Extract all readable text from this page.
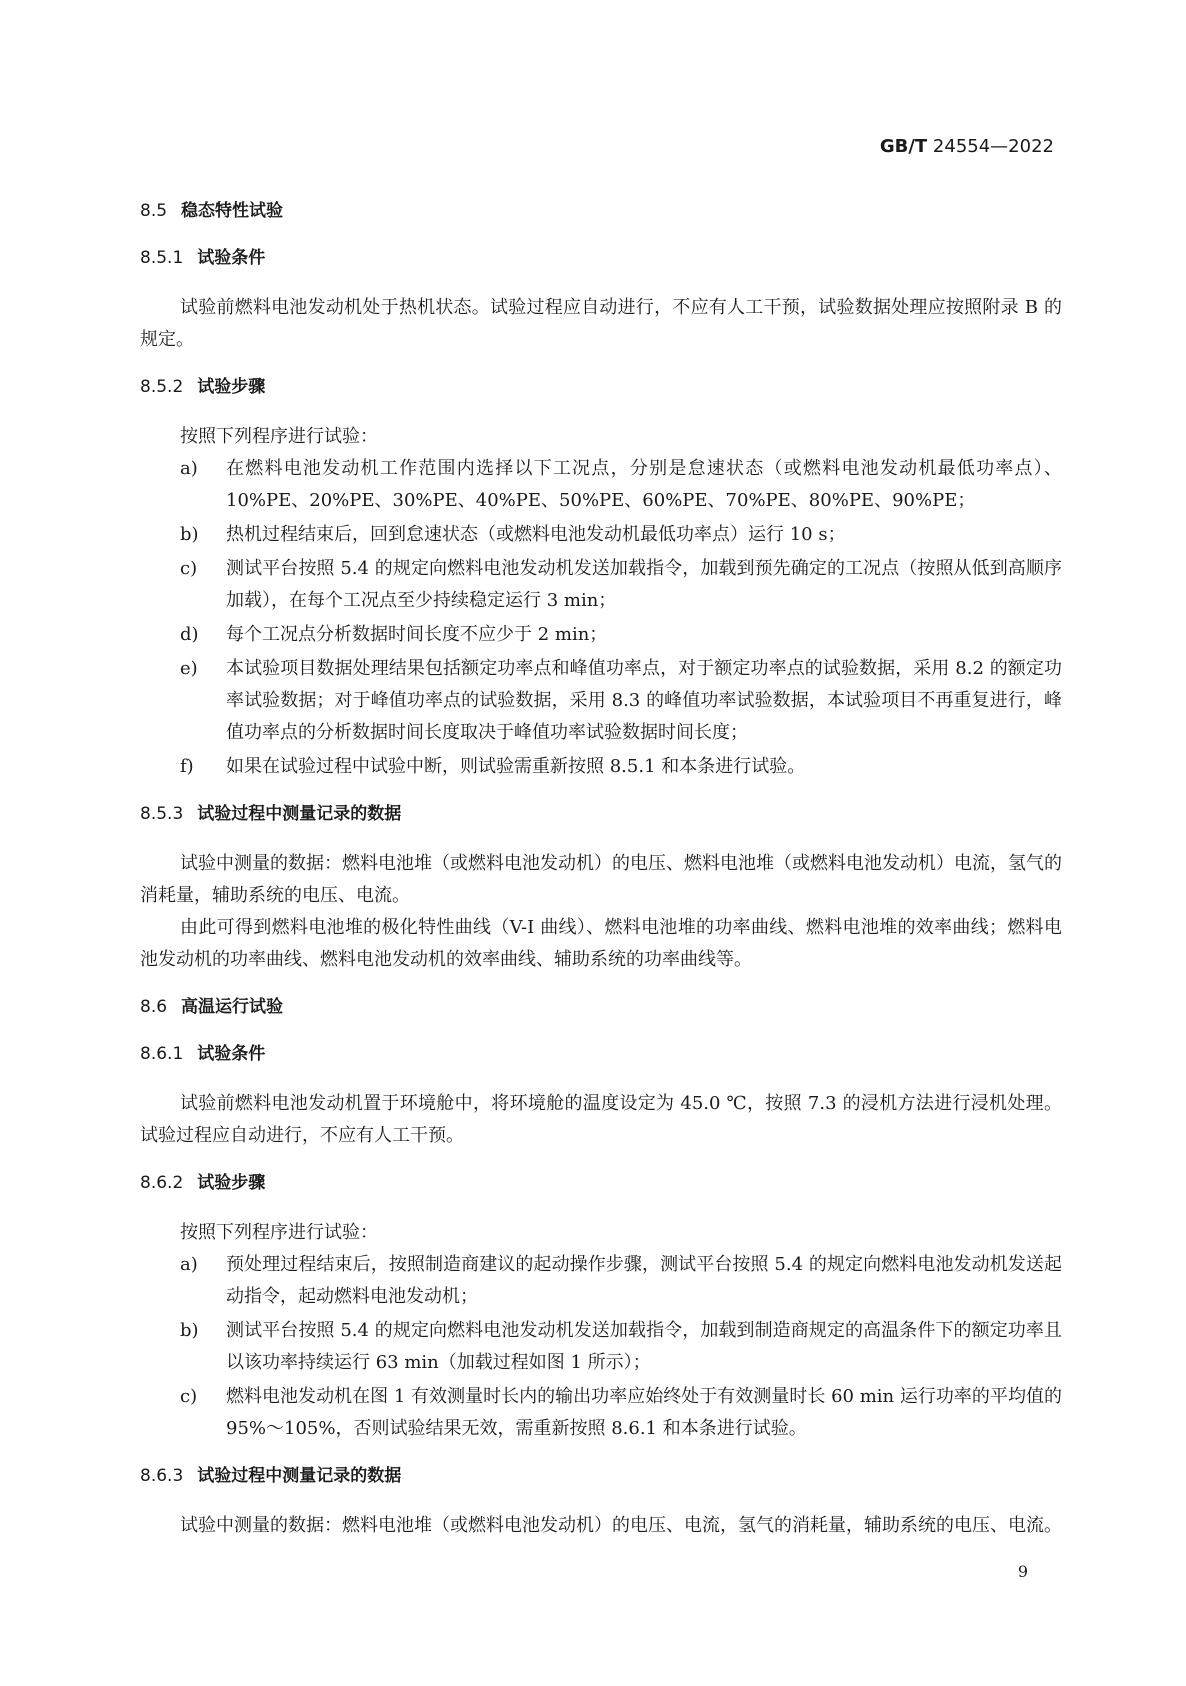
GB/T 24554—2022
8.5 稳态特性试验
8.5.1 试验条件

试验前燃料电池发动机处于热机状态。试验过程应自动进行，不应有人工干预，试验数据处理应按照附录 B 的规定。

8.5.2 试验步骤

按照下列程序进行试验：

a)	在燃料电池发动机工作范围内选择以下工况点，分别是怠速状态（或燃料电池发动机最低功率点）、10%PE、20%PE、30%PE、40%PE、50%PE、60%PE、70%PE、80%PE、90%PE；
b)	热机过程结束后，回到怠速状态（或燃料电池发动机最低功率点）运行 10 s；
c)	测试平台按照 5.4 的规定向燃料电池发动机发送加载指令，加载到预先确定的工况点（按照从低到高顺序加载），在每个工况点至少持续稳定运行 3 min；
d)	每个工况点分析数据时间长度不应少于 2 min；
e)	本试验项目数据处理结果包括额定功率点和峰值功率点，对于额定功率点的试验数据，采用 8.2 的额定功率试验数据；对于峰值功率点的试验数据，采用 8.3 的峰值功率试验数据，本试验项目不再重复进行，峰值功率点的分析数据时间长度取决于峰值功率试验数据时间长度；
f)	如果在试验过程中试验中断，则试验需重新按照 8.5.1 和本条进行试验。
8.5.3 试验过程中测量记录的数据

试验中测量的数据：燃料电池堆（或燃料电池发动机）的电压、燃料电池堆（或燃料电池发动机）电流，氢气的消耗量，辅助系统的电压、电流。

由此可得到燃料电池堆的极化特性曲线（V-I 曲线）、燃料电池堆的功率曲线、燃料电池堆的效率曲线；燃料电池发动机的功率曲线、燃料电池发动机的效率曲线、辅助系统的功率曲线等。

8.6 高温运行试验
8.6.1 试验条件

试验前燃料电池发动机置于环境舱中，将环境舱的温度设定为 45.0 ℃，按照 7.3 的浸机方法进行浸机处理。试验过程应自动进行，不应有人工干预。

8.6.2 试验步骤

按照下列程序进行试验：

a)	预处理过程结束后，按照制造商建议的起动操作步骤，测试平台按照 5.4 的规定向燃料电池发动机发送起动指令，起动燃料电池发动机；
b)	测试平台按照 5.4 的规定向燃料电池发动机发送加载指令，加载到制造商规定的高温条件下的额定功率且以该功率持续运行 63 min（加载过程如图 1 所示）；
c)	燃料电池发动机在图 1 有效测量时长内的输出功率应始终处于有效测量时长 60 min 运行功率的平均值的 95%～105%，否则试验结果无效，需重新按照 8.6.1 和本条进行试验。
8.6.3 试验过程中测量记录的数据

试验中测量的数据：燃料电池堆（或燃料电池发动机）的电压、电流，氢气的消耗量，辅助系统的电压、电流。

9
